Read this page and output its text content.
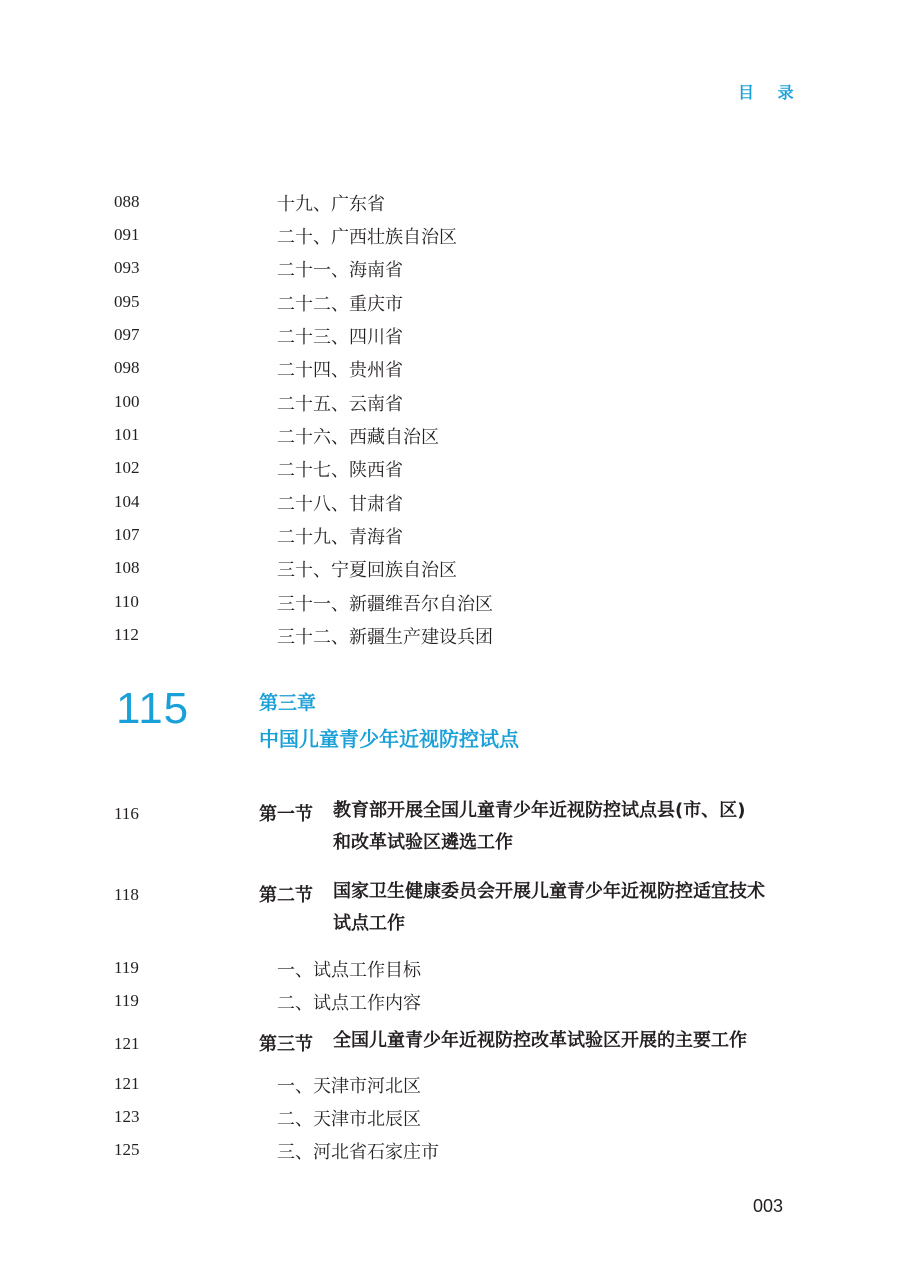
目 录
088	十九、广东省
091	二十、广西壮族自治区
093	二十一、海南省
095	二十二、重庆市
097	二十三、四川省
098	二十四、贵州省
100	二十五、云南省
101	二十六、西藏自治区
102	二十七、陕西省
104	二十八、甘肃省
107	二十九、青海省
108	三十、宁夏回族自治区
110	三十一、新疆维吾尔自治区
112	三十二、新疆生产建设兵团
115	第三章
中国儿童青少年近视防控试点
116	第一节 教育部开展全国儿童青少年近视防控试点县(市、区)
和改革试验区遴选工作
118	第二节 国家卫生健康委员会开展儿童青少年近视防控适宜技术
试点工作
119	一、试点工作目标
119	二、试点工作内容
121	第三节 全国儿童青少年近视防控改革试验区开展的主要工作
121	一、天津市河北区
123	二、天津市北辰区
125	三、河北省石家庄市
003
